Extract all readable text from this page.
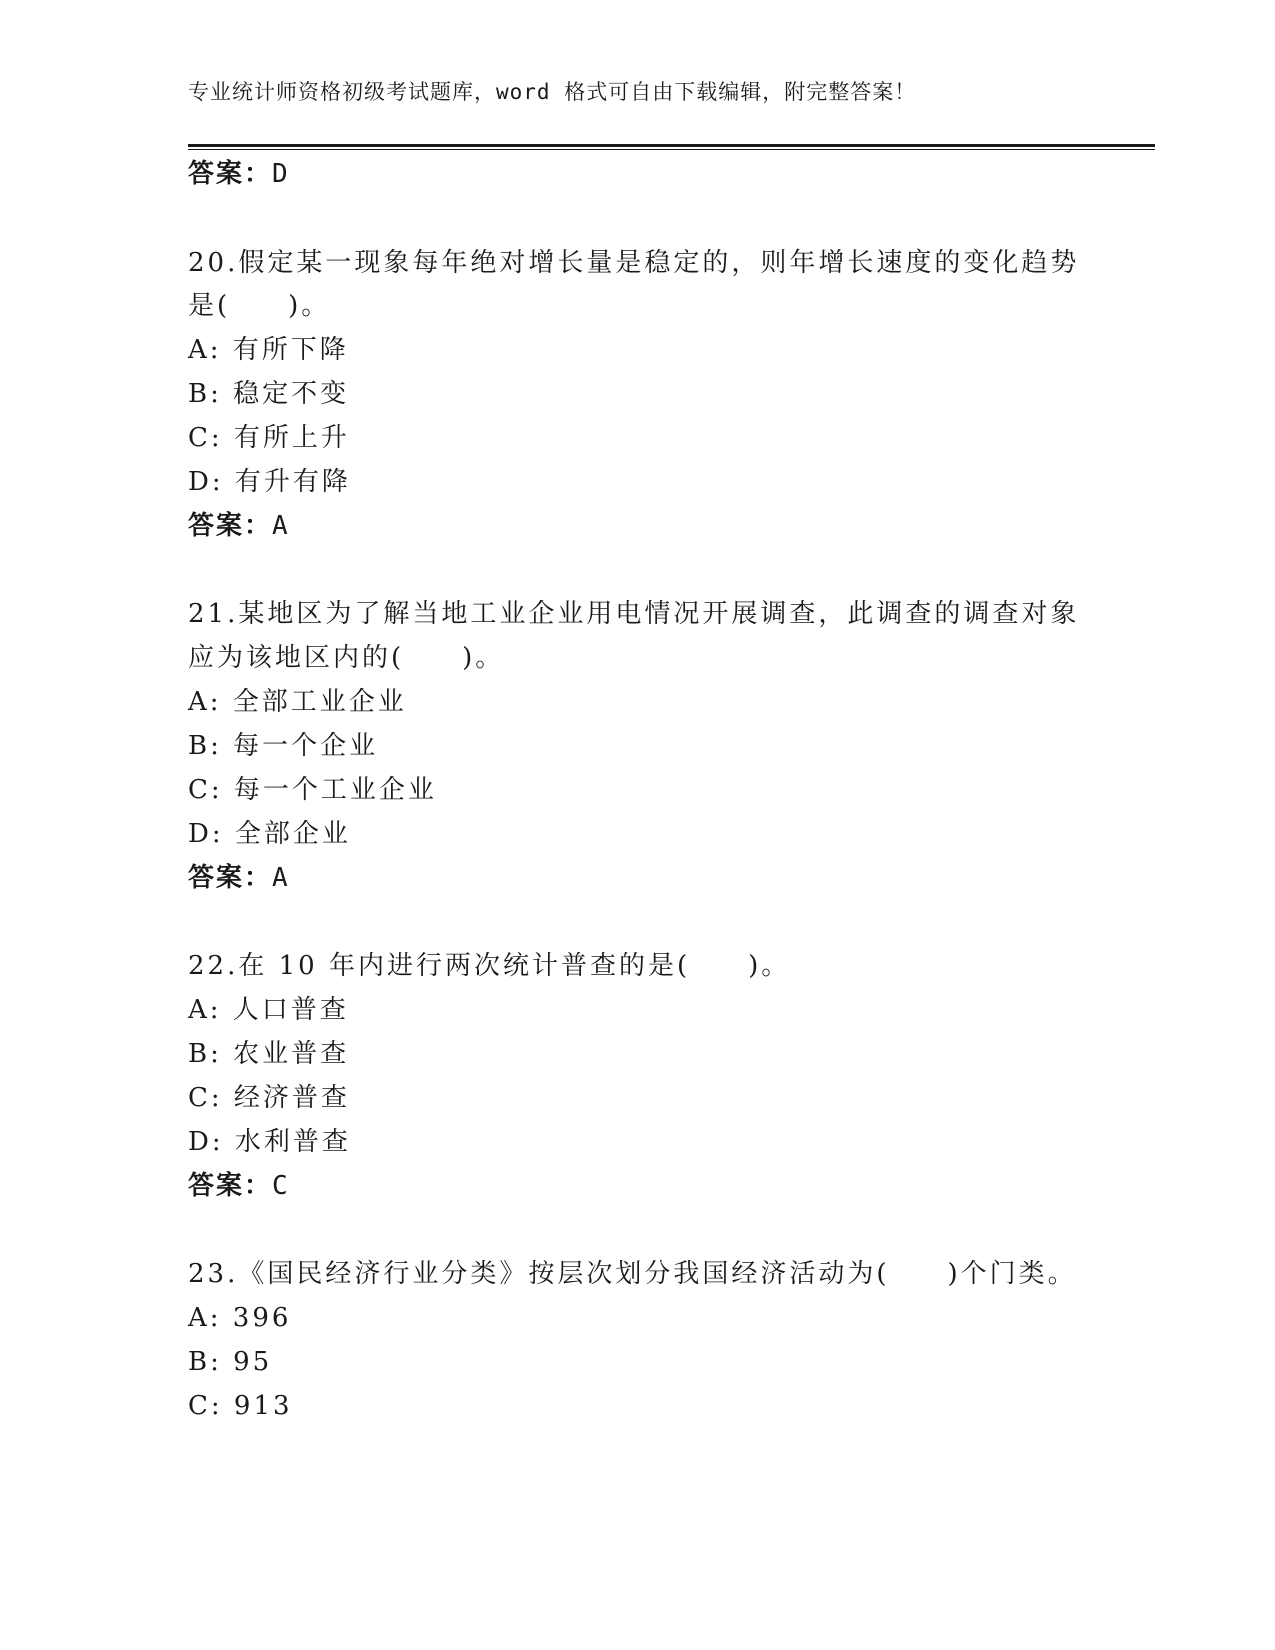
专业统计师资格初级考试题库，word 格式可自由下载编辑，附完整答案！
答案：D
20.假定某一现象每年绝对增长量是稳定的，则年增长速度的变化趋势
是(　　)。
A: 有所下降
B: 稳定不变
C: 有所上升
D: 有升有降
答案：A
21.某地区为了解当地工业企业用电情况开展调查，此调查的调查对象
应为该地区内的(　　)。
A: 全部工业企业
B: 每一个企业
C: 每一个工业企业
D: 全部企业
答案：A
22.在 10 年内进行两次统计普查的是(　　)。
A: 人口普查
B: 农业普查
C: 经济普查
D: 水利普查
答案：C
23.《国民经济行业分类》按层次划分我国经济活动为(　　)个门类。
A: 396
B: 95
C: 913
